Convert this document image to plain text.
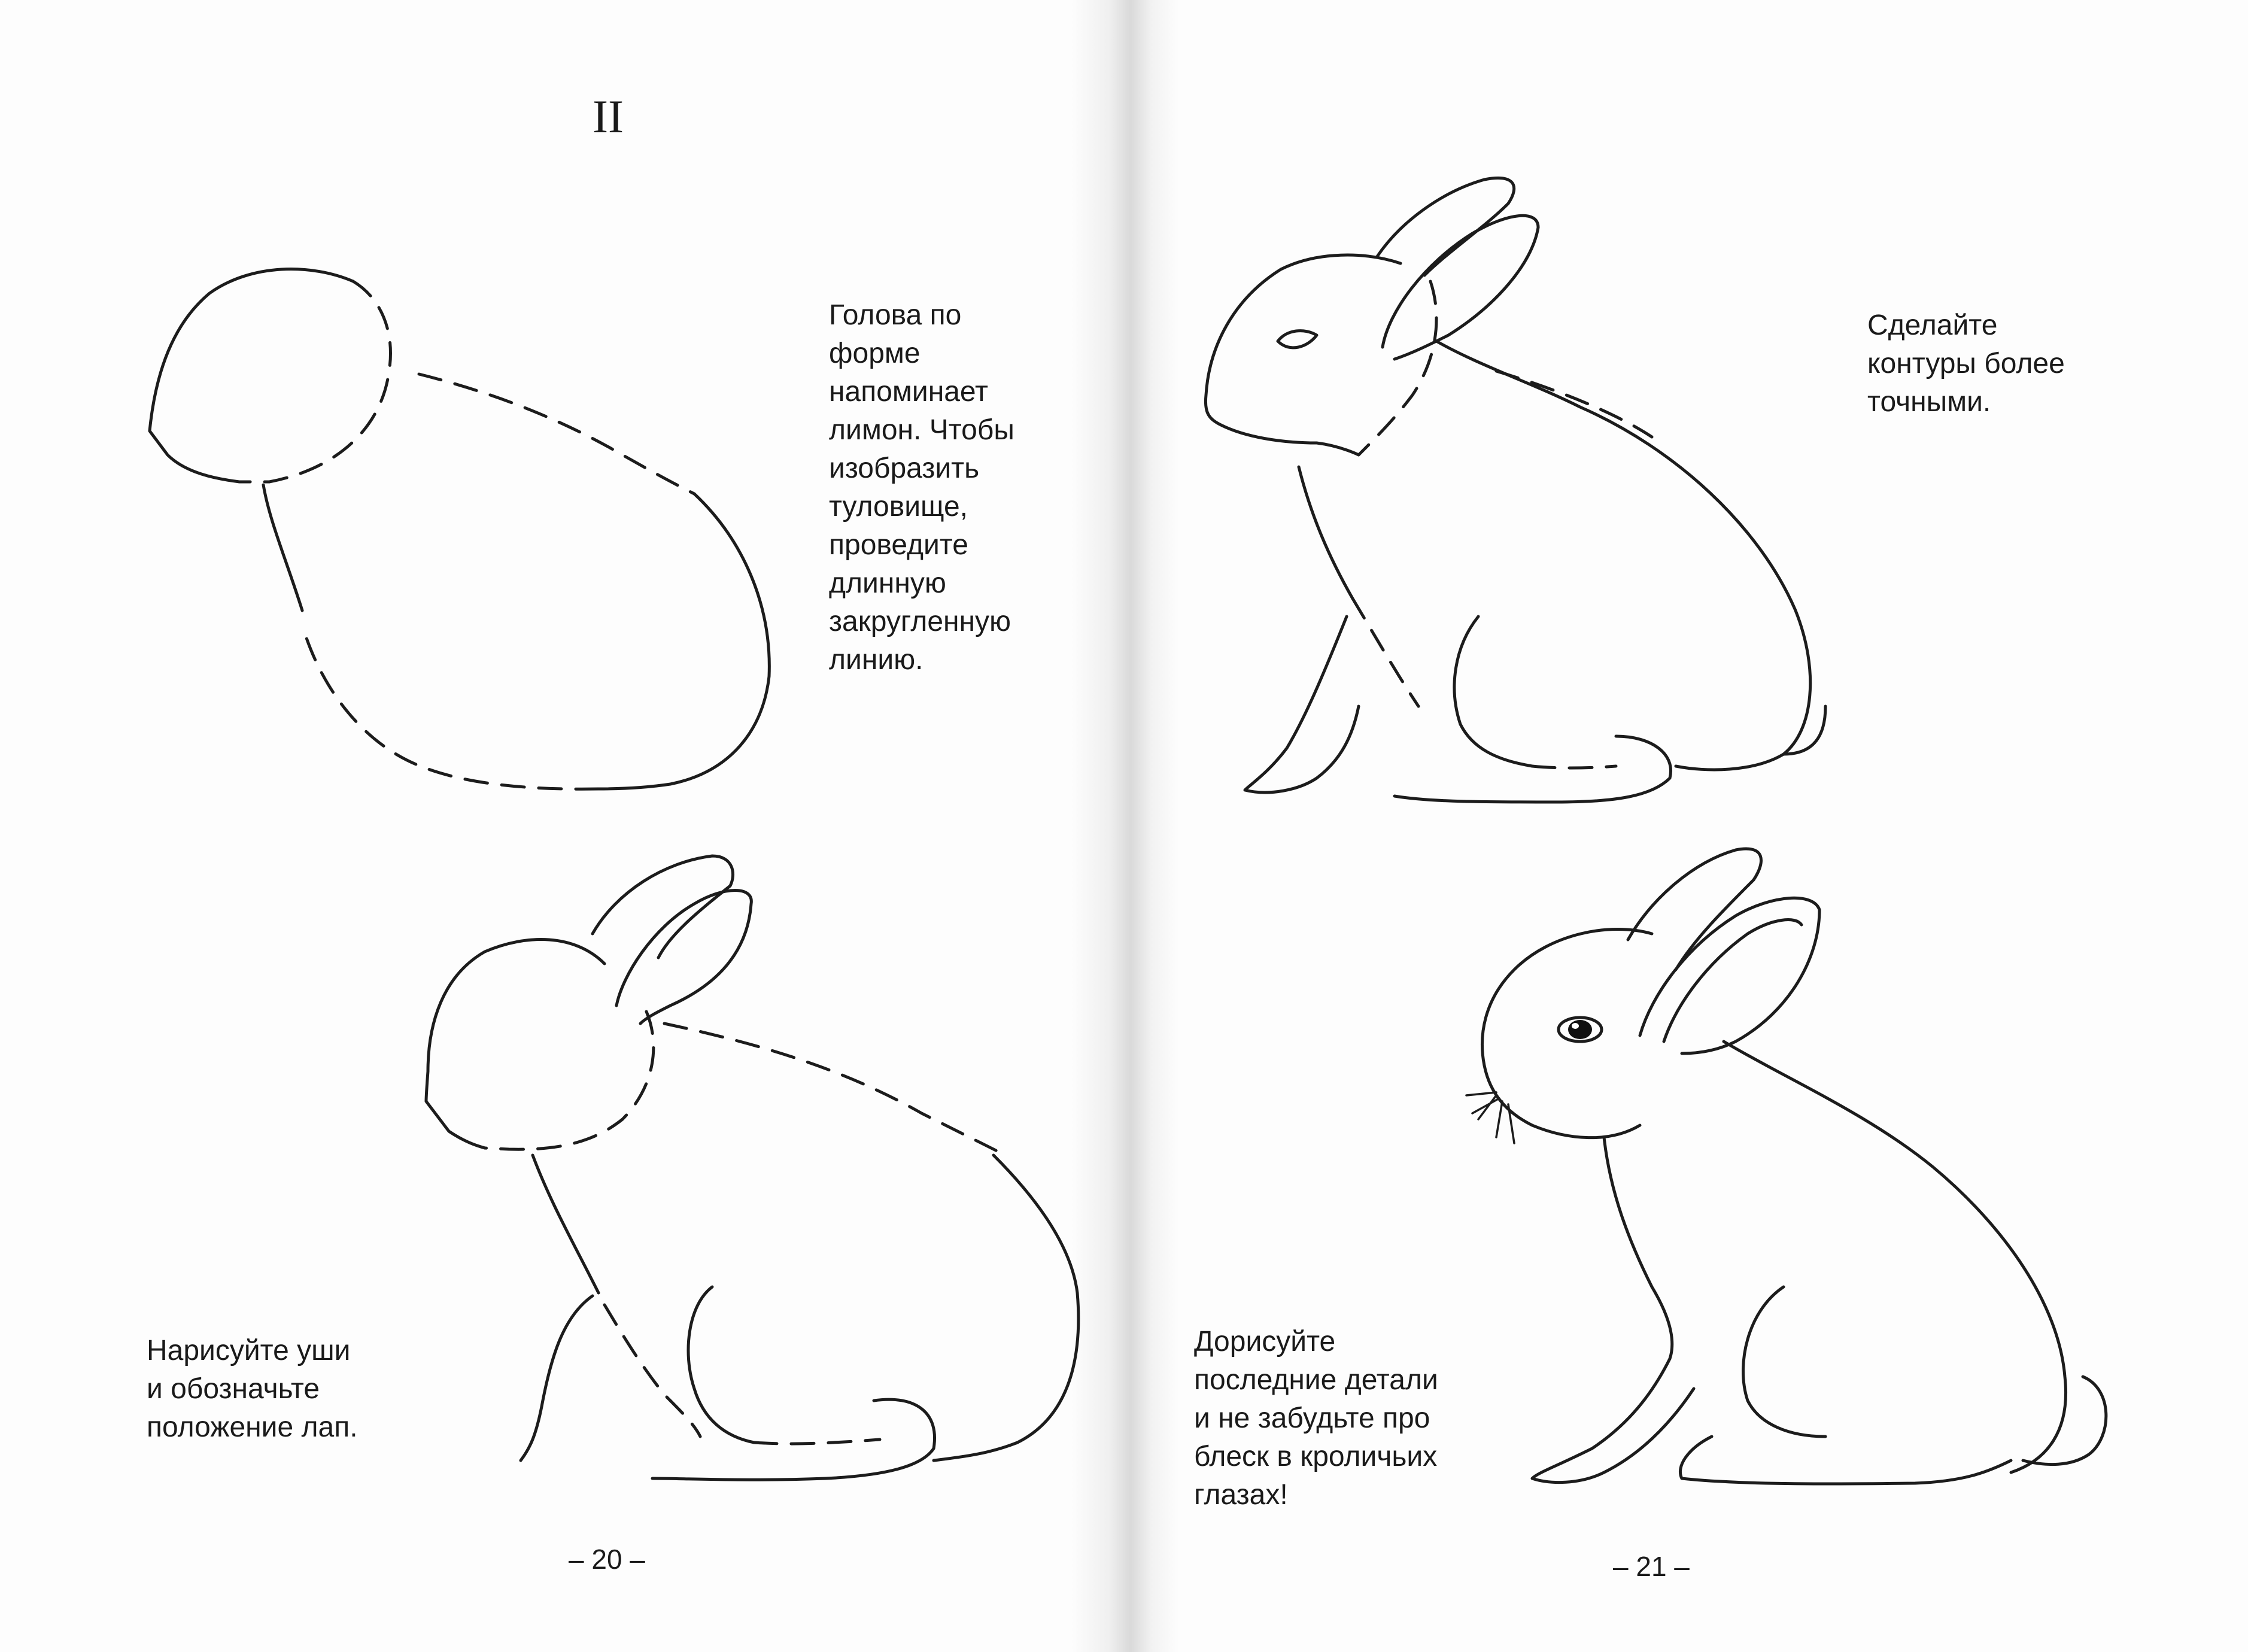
II
Голова по
форме
напоминает
лимон. Чтобы
изобразить
туловище,
проведите
длинную
закругленную
линию.
Нарисуйте уши
и обозначьте
положение лап.
– 20 –
Сделайте
контуры более
точными.
Дорисуйте
последние детали
и не забудьте про
блеск в кроличьих
глазах!
– 21 –
